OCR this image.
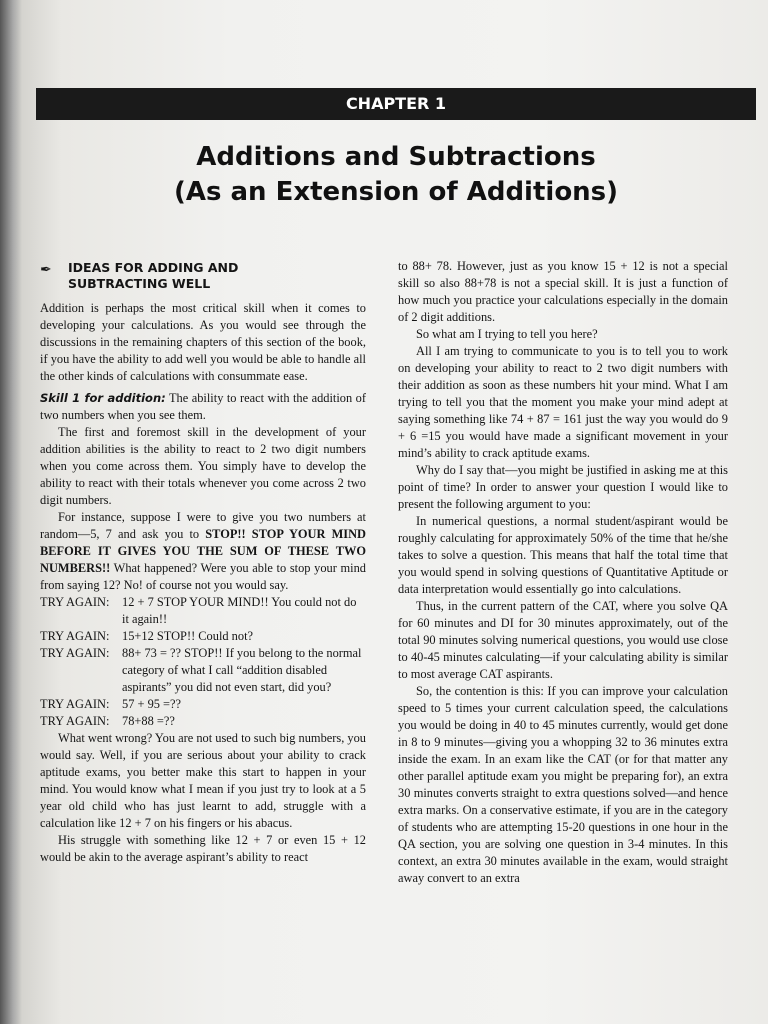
CHAPTER 1
Additions and Subtractions
(As an Extension of Additions)
✒ IDEAS FOR ADDING AND
SUBTRACTING WELL

Addition is perhaps the most critical skill when it comes to developing your calculations. As you would see through the discussions in the remaining chapters of this section of the book, if you have the ability to add well you would be able to handle all the other kinds of calculations with consummate ease.

Skill 1 for addition: The ability to react with the addition of two numbers when you see them.

The first and foremost skill in the development of your addition abilities is the ability to react to 2 two digit numbers when you come across them. You simply have to develop the ability to react with their totals whenever you come across 2 two digit numbers.

For instance, suppose I were to give you two numbers at random—5, 7 and ask you to STOP!! STOP YOUR MIND BEFORE IT GIVES YOU THE SUM OF THESE TWO NUMBERS!! What happened? Were you able to stop your mind from saying 12? No! of course not you would say.

TRY AGAIN:	12 + 7 STOP YOUR MIND!! You could not do it again!!
TRY AGAIN:	15+12 STOP!! Could not?
TRY AGAIN:	88+ 73 = ?? STOP!! If you belong to the normal category of what I call “addition disabled aspirants” you did not even start, did you?
TRY AGAIN:	57 + 95 =??
TRY AGAIN:	78+88 =??

What went wrong? You are not used to such big numbers, you would say. Well, if you are serious about your ability to crack aptitude exams, you better make this start to happen in your mind. You would know what I mean if you just try to look at a 5 year old child who has just learnt to add, struggle with a calculation like 12 + 7 on his fingers or his abacus.

His struggle with something like 12 + 7 or even 15 + 12 would be akin to the average aspirant’s ability to react

to 88+ 78. However, just as you know 15 + 12 is not a special skill so also 88+78 is not a special skill. It is just a function of how much you practice your calculations especially in the domain of 2 digit additions.

So what am I trying to tell you here?

All I am trying to communicate to you is to tell you to work on developing your ability to react to 2 two digit numbers with their addition as soon as these numbers hit your mind. What I am trying to tell you that the moment you make your mind adept at saying something like 74 + 87 = 161 just the way you would do 9 + 6 =15 you would have made a significant movement in your mind’s ability to crack aptitude exams.

Why do I say that—you might be justified in asking me at this point of time? In order to answer your question I would like to present the following argument to you:

In numerical questions, a normal student/aspirant would be roughly calculating for approximately 50% of the time that he/she takes to solve a question. This means that half the total time that you would spend in solving questions of Quantitative Aptitude or data interpretation would essentially go into calculations.

Thus, in the current pattern of the CAT, where you solve QA for 60 minutes and DI for 30 minutes approximately, out of the total 90 minutes solving numerical questions, you would use close to 40-45 minutes calculating—if your calculating ability is similar to most average CAT aspirants.

So, the contention is this: If you can improve your calculation speed to 5 times your current calculation speed, the calculations you would be doing in 40 to 45 minutes currently, would get done in 8 to 9 minutes—giving you a whopping 32 to 36 minutes extra inside the exam. In an exam like the CAT (or for that matter any other parallel aptitude exam you might be preparing for), an extra 30 minutes converts straight to extra questions solved—and hence extra marks. On a conservative estimate, if you are in the category of students who are attempting 15-20 questions in one hour in the QA section, you are solving one question in 3-4 minutes. In this context, an extra 30 minutes available in the exam, would straight away convert to an extra
